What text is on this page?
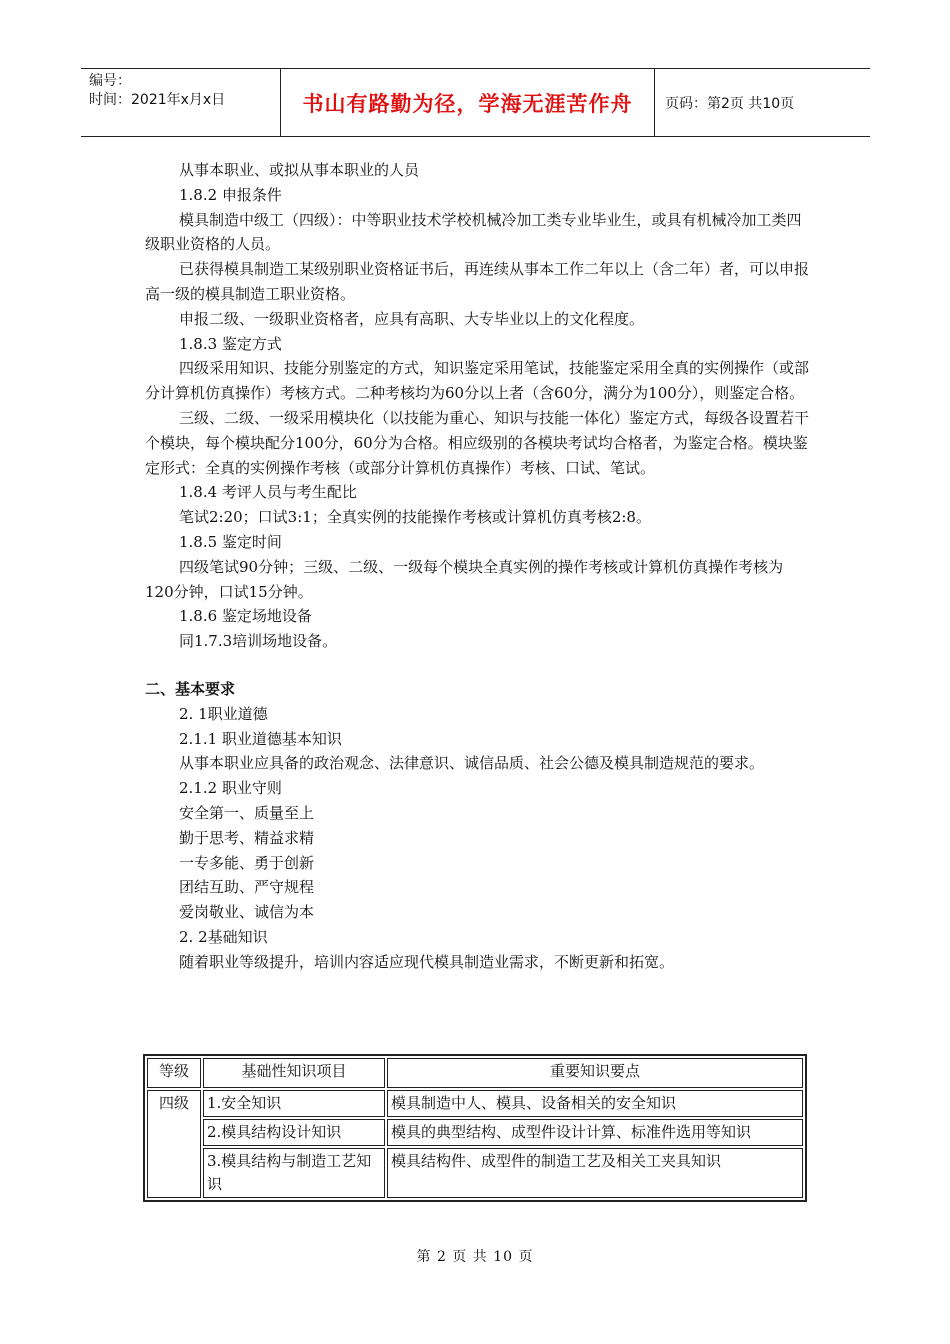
编号：
时间：2021年x月x日	书山有路勤为径，学海无涯苦作舟	页码：第2页 共10页

从事本职业、或拟从事本职业的人员

1.8.2 申报条件

模具制造中级工（四级）：中等职业技术学校机械冷加工类专业毕业生，或具有机械冷加工类四级职业资格的人员。

已获得模具制造工某级别职业资格证书后，再连续从事本工作二年以上（含二年）者，可以申报高一级的模具制造工职业资格。

申报二级、一级职业资格者，应具有高职、大专毕业以上的文化程度。

1.8.3 鉴定方式

四级采用知识、技能分别鉴定的方式，知识鉴定采用笔试，技能鉴定采用全真的实例操作（或部分计算机仿真操作）考核方式。二种考核均为60分以上者（含60分，满分为100分），则鉴定合格。

三级、二级、一级采用模块化（以技能为重心、知识与技能一体化）鉴定方式，每级各设置若干个模块，每个模块配分100分，60分为合格。相应级别的各模块考试均合格者，为鉴定合格。模块鉴定形式：全真的实例操作考核（或部分计算机仿真操作）考核、口试、笔试。

1.8.4 考评人员与考生配比

笔试2:20；口试3:1；全真实例的技能操作考核或计算机仿真考核2:8。

1.8.5 鉴定时间

四级笔试90分钟；三级、二级、一级每个模块全真实例的操作考核或计算机仿真操作考核为120分钟，口试15分钟。

1.8.6 鉴定场地设备

同1.7.3培训场地设备。

二、基本要求

2. 1职业道德

2.1.1 职业道德基本知识

从事本职业应具备的政治观念、法律意识、诚信品质、社会公德及模具制造规范的要求。

2.1.2 职业守则

安全第一、质量至上

勤于思考、精益求精

一专多能、勇于创新

团结互助、严守规程

爱岗敬业、诚信为本

2. 2基础知识

随着职业等级提升，培训内容适应现代模具制造业需求，不断更新和拓宽。

等级	基础性知识项目	重要知识要点
四级	1.安全知识	模具制造中人、模具、设备相关的安全知识
	2.模具结构设计知识	模具的典型结构、成型件设计计算、标准件选用等知识
	3.模具结构与制造工艺知识	模具结构件、成型件的制造工艺及相关工夹具知识
第 2 页 共 10 页
